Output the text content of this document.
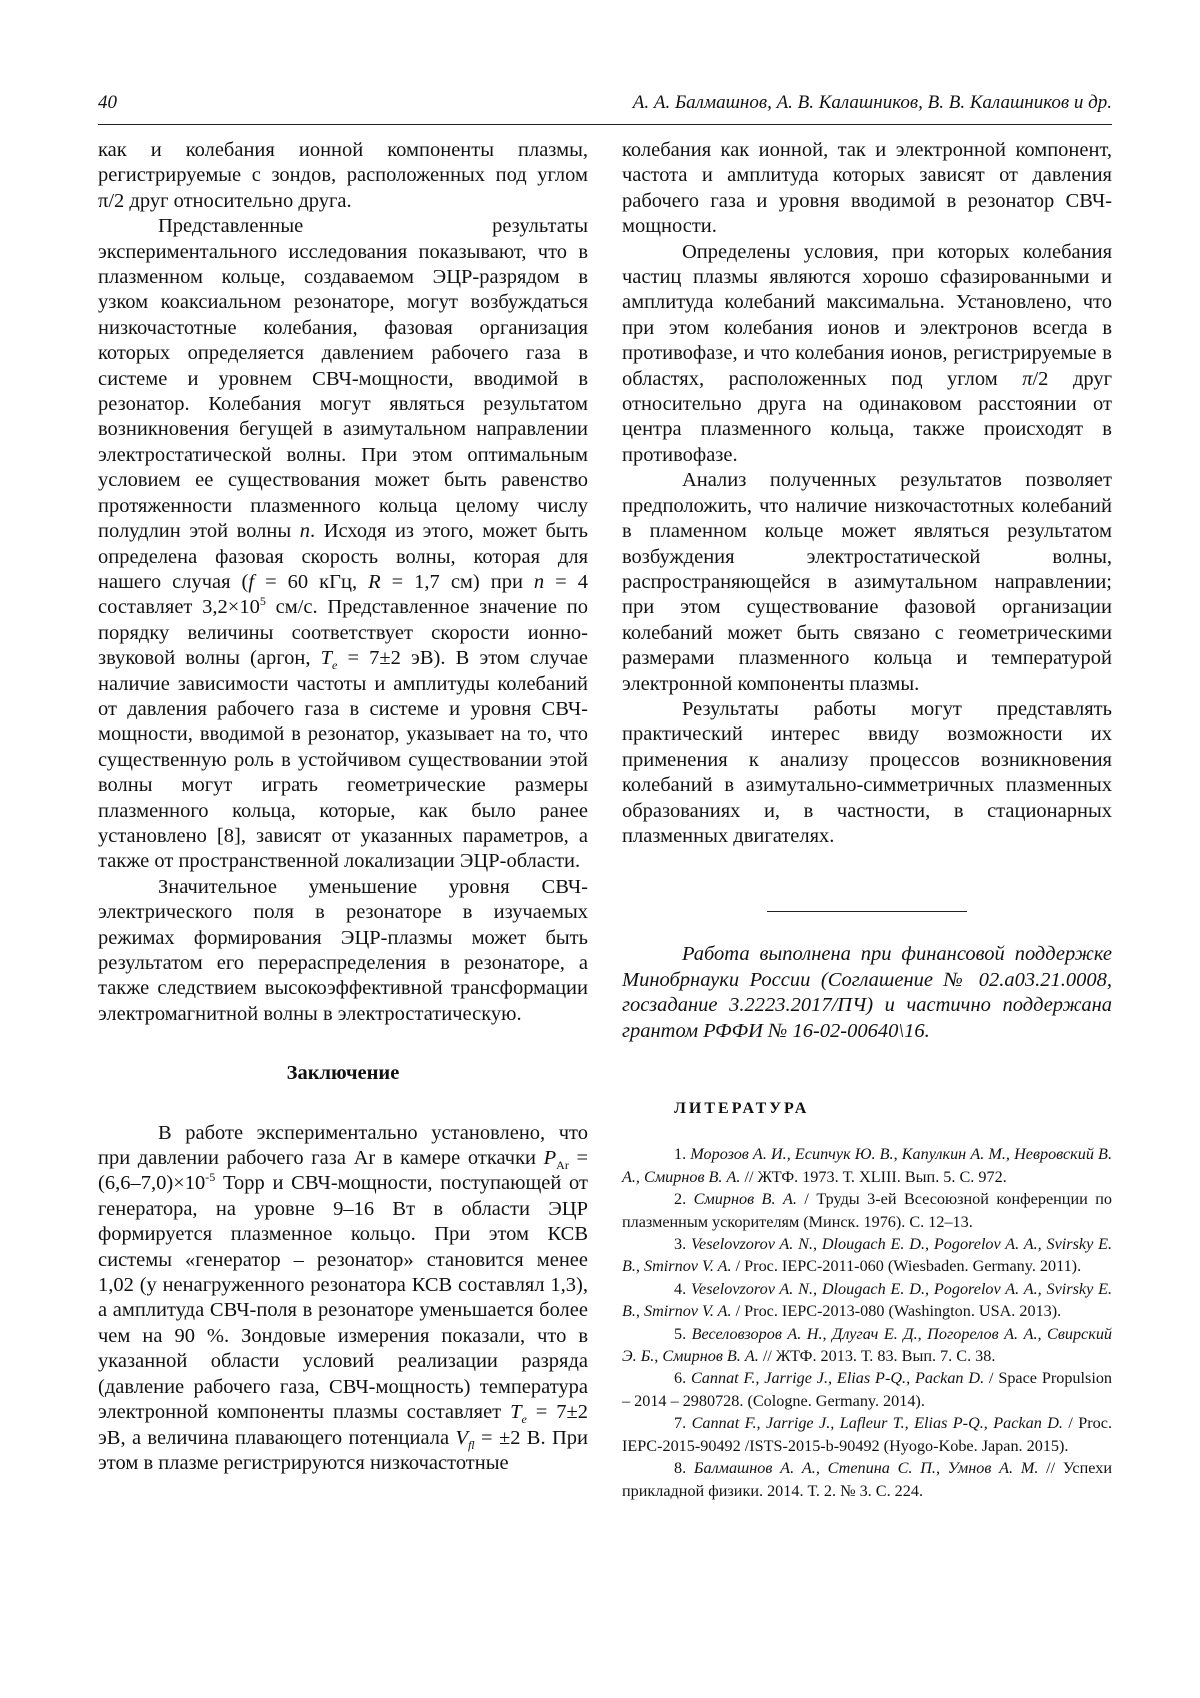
40	А. А. Балмашнов, А. В. Калашников, В. В. Калашников и др.

как и колебания ионной компоненты плазмы, регистрируемые с зондов, расположенных под углом π/2 друг относительно друга.

Представленные результаты экспериментального исследования показывают, что в плазменном кольце, создаваемом ЭЦР-разрядом в узком коаксиальном резонаторе, могут возбуждаться низкочастотные колебания, фазовая организация которых определяется давлением рабочего газа в системе и уровнем СВЧ-мощности, вводимой в резонатор. Колебания могут являться результатом возникновения бегущей в азимутальном направлении электростатической волны. При этом оптимальным условием ее существования может быть равенство протяженности плазменного кольца целому числу полудлин этой волны n. Исходя из этого, может быть определена фазовая скорость волны, которая для нашего случая (f = 60 кГц, R = 1,7 см) при n = 4 составляет $3,2\times 10^5$ см/с. Представленное значение по порядку величины соответствует скорости ионно-звуковой волны (аргон, $T_e = 7\pm 2$ эВ). В этом случае наличие зависимости частоты и амплитуды колебаний от давления рабочего газа в системе и уровня СВЧ-мощности, вводимой в резонатор, указывает на то, что существенную роль в устойчивом существовании этой волны могут играть геометрические размеры плазменного кольца, которые, как было ранее установлено [8], зависят от указанных параметров, а также от пространственной локализации ЭЦР-области.

Значительное уменьшение уровня СВЧ-электрического поля в резонаторе в изучаемых режимах формирования ЭЦР-плазмы может быть результатом его перераспределения в резонаторе, а также следствием высокоэффективной трансформации электромагнитной волны в электростатическую.

Заключение

В работе экспериментально установлено, что при давлении рабочего газа Ar в камере откачки $P_{Ar} = (6,6-7,0)\times 10^{-5}$ Торр и СВЧ-мощности, поступающей от генератора, на уровне 9–16 Вт в области ЭЦР формируется плазменное кольцо. При этом КСВ системы «генератор – резонатор» становится менее 1,02 (у ненагруженного резонатора КСВ составлял 1,3), а амплитуда СВЧ-поля в резонаторе уменьшается более чем на 90 %. Зондовые измерения показали, что в указанной области условий реализации разряда (давление рабочего газа, СВЧ-мощность) температура электронной компоненты плазмы составляет $T_e = 7\pm 2$ эВ, а величина плавающего потенциала $V_{fl} = \pm 2$ В. При этом в плазме регистрируются низкочастотные

колебания как ионной, так и электронной компонент, частота и амплитуда которых зависят от давления рабочего газа и уровня вводимой в резонатор СВЧ-мощности.

Определены условия, при которых колебания частиц плазмы являются хорошо сфазированными и амплитуда колебаний максимальна. Установлено, что при этом колебания ионов и электронов всегда в противофазе, и что колебания ионов, регистрируемые в областях, расположенных под углом π/2 друг относительно друга на одинаковом расстоянии от центра плазменного кольца, также происходят в противофазе.

Анализ полученных результатов позволяет предположить, что наличие низкочастотных колебаний в пламенном кольце может являться результатом возбуждения электростатической волны, распространяющейся в азимутальном направлении; при этом существование фазовой организации колебаний может быть связано с геометрическими размерами плазменного кольца и температурой электронной компоненты плазмы.

Результаты работы могут представлять практический интерес ввиду возможности их применения к анализу процессов возникновения колебаний в азимутально-симметричных плазменных образованиях и, в частности, в стационарных плазменных двигателях.

Работа выполнена при финансовой поддержке Минобрнауки России (Соглашение № 02.а03.21.0008, госзадание 3.2223.2017/ПЧ) и частично поддержана грантом РФФИ № 16-02-00640\16.

ЛИТЕРАТУРА

1. Морозов А. И., Есипчук Ю. В., Капулкин А. М., Невровский В. А., Смирнов В. А. // ЖТФ. 1973. Т. XLIII. Вып. 5. С. 972.

2. Смирнов В. А. / Труды 3-ей Всесоюзной конференции по плазменным ускорителям (Минск. 1976). С. 12–13.

3. Veselovzorov A. N., Dlougach E. D., Pogorelov A. A., Svirsky E. B., Smirnov V. A. / Proc. IEPC-2011-060 (Wiesbaden. Germany. 2011).

4. Veselovzorov A. N., Dlougach E. D., Pogorelov A. A., Svirsky E. B., Smirnov V. A. / Proc. IEPC-2013-080 (Washington. USA. 2013).

5. Веселовзоров А. Н., Длугач Е. Д., Погорелов А. А., Свирский Э. Б., Смирнов В. А. // ЖТФ. 2013. Т. 83. Вып. 7. С. 38.

6. Cannat F., Jarrige J., Elias P-Q., Packan D. / Space Propulsion – 2014 – 2980728. (Cologne. Germany. 2014).

7. Cannat F., Jarrige J., Lafleur T., Elias P-Q., Packan D. / Proc. IEPC-2015-90492 /ISTS-2015-b-90492 (Hyogo-Kobe. Japan. 2015).

8. Балмашнов А. А., Степина С. П., Умнов А. М. // Успехи прикладной физики. 2014. Т. 2. № 3. С. 224.
